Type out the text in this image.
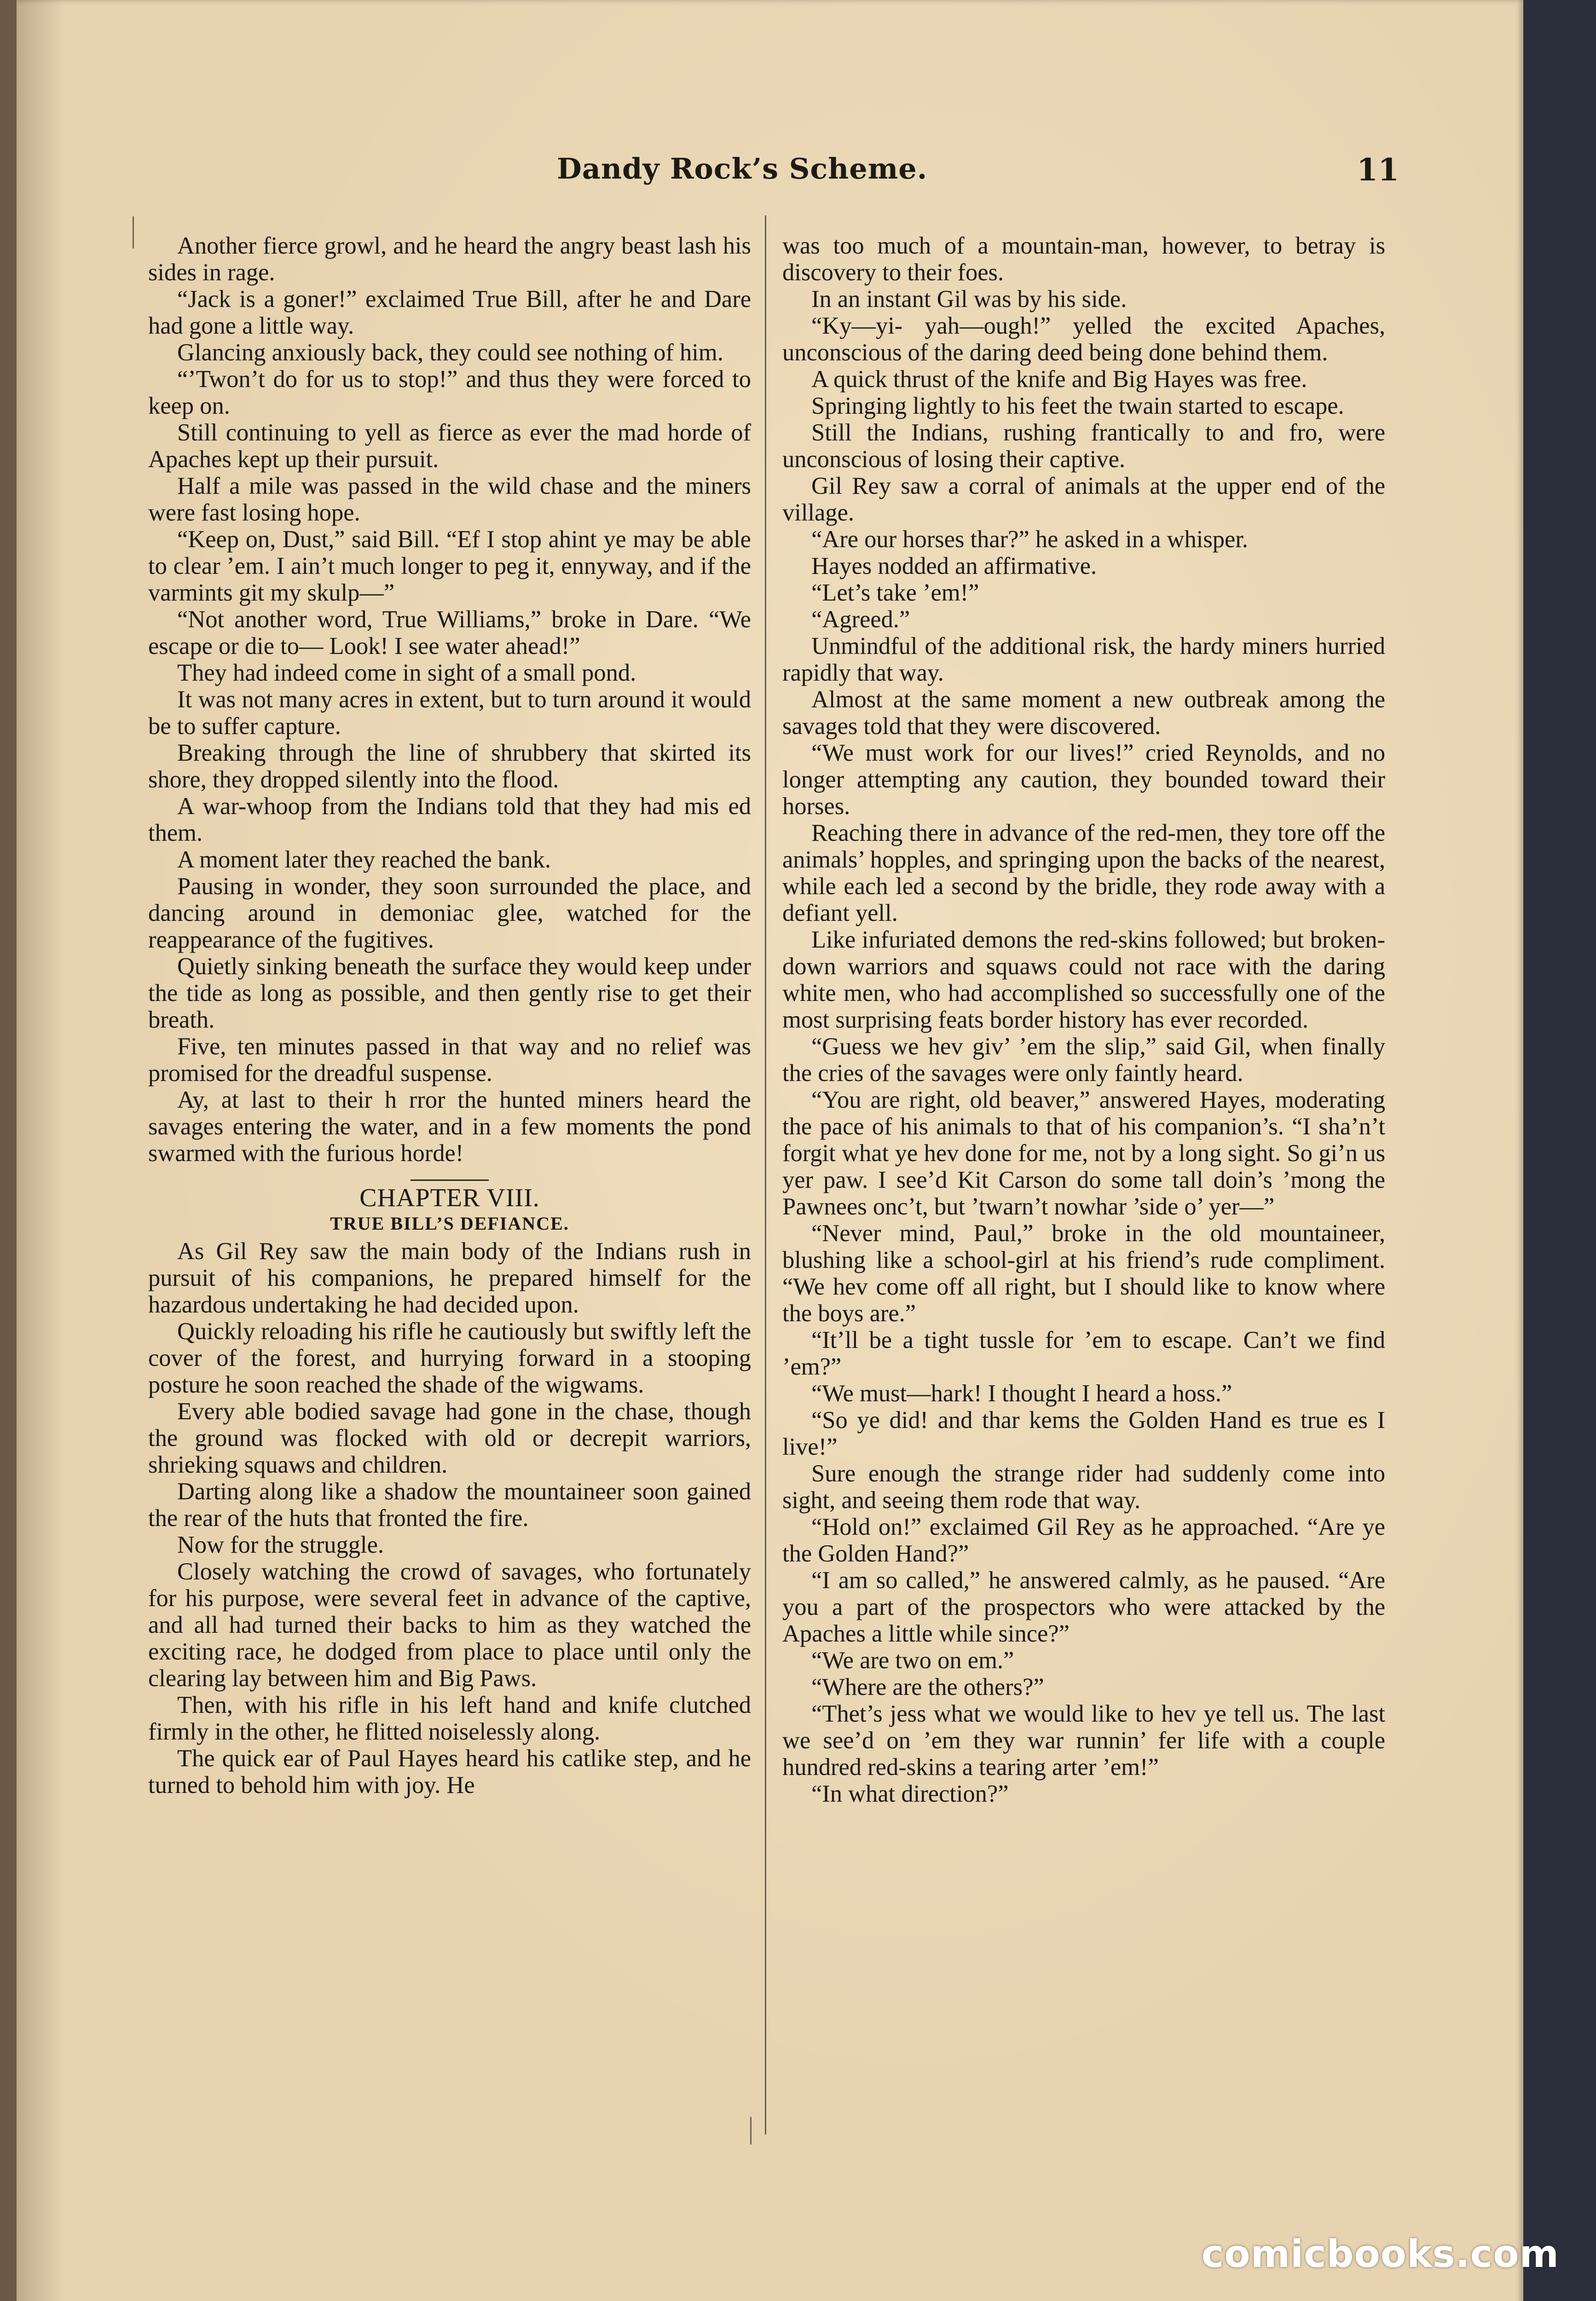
Dandy Rock’s Scheme.	11

Another fierce growl, and he heard the angry beast lash his sides in rage.

“Jack is a goner!” exclaimed True Bill, after he and Dare had gone a little way.

Glancing anxiously back, they could see nothing of him.

“’Twon’t do for us to stop!” and thus they were forced to keep on.

Still continuing to yell as fierce as ever the mad horde of Apaches kept up their pursuit.

Half a mile was passed in the wild chase and the miners were fast losing hope.

“Keep on, Dust,” said Bill. “Ef I stop ahint ye may be able to clear ’em. I ain’t much longer to peg it, ennyway, and if the varmints git my skulp—”

“Not another word, True Williams,” broke in Dare. “We escape or die to— Look! I see water ahead!”

They had indeed come in sight of a small pond.

It was not many acres in extent, but to turn around it would be to suffer capture.

Breaking through the line of shrubbery that skirted its shore, they dropped silently into the flood.

A war-whoop from the Indians told that they had mis ed them.

A moment later they reached the bank.

Pausing in wonder, they soon surrounded the place, and dancing around in demoniac glee, watched for the reappearance of the fugitives.

Quietly sinking beneath the surface they would keep under the tide as long as possible, and then gently rise to get their breath.

Five, ten minutes passed in that way and no relief was promised for the dreadful suspense.

Ay, at last to their h rror the hunted miners heard the savages entering the water, and in a few moments the pond swarmed with the furious horde!

CHAPTER VIII.
TRUE BILL’S DEFIANCE.

As Gil Rey saw the main body of the Indians rush in pursuit of his companions, he prepared himself for the hazardous undertaking he had decided upon.

Quickly reloading his rifle he cautiously but swiftly left the cover of the forest, and hurrying forward in a stooping posture he soon reached the shade of the wigwams.

Every able bodied savage had gone in the chase, though the ground was flocked with old or decrepit warriors, shrieking squaws and children.

Darting along like a shadow the mountaineer soon gained the rear of the huts that fronted the fire.

Now for the struggle.

Closely watching the crowd of savages, who fortunately for his purpose, were several feet in advance of the captive, and all had turned their backs to him as they watched the exciting race, he dodged from place to place until only the clearing lay between him and Big Paws.

Then, with his rifle in his left hand and knife clutched firmly in the other, he flitted noiselessly along.

The quick ear of Paul Hayes heard his catlike step, and he turned to behold him with joy. He

was too much of a mountain-man, however, to betray is discovery to their foes.

In an instant Gil was by his side.

“Ky—yi- yah—ough!” yelled the excited Apaches, unconscious of the daring deed being done behind them.

A quick thrust of the knife and Big Hayes was free.

Springing lightly to his feet the twain started to escape.

Still the Indians, rushing frantically to and fro, were unconscious of losing their captive.

Gil Rey saw a corral of animals at the upper end of the village.

“Are our horses thar?” he asked in a whisper.

Hayes nodded an affirmative.

“Let’s take ’em!”

“Agreed.”

Unmindful of the additional risk, the hardy miners hurried rapidly that way.

Almost at the same moment a new outbreak among the savages told that they were discovered.

“We must work for our lives!” cried Reynolds, and no longer attempting any caution, they bounded toward their horses.

Reaching there in advance of the red-men, they tore off the animals’ hopples, and springing upon the backs of the nearest, while each led a second by the bridle, they rode away with a defiant yell.

Like infuriated demons the red-skins followed; but broken-down warriors and squaws could not race with the daring white men, who had accomplished so successfully one of the most surprising feats border history has ever recorded.

“Guess we hev giv’ ’em the slip,” said Gil, when finally the cries of the savages were only faintly heard.

“You are right, old beaver,” answered Hayes, moderating the pace of his animals to that of his companion’s. “I sha’n’t forgit what ye hev done for me, not by a long sight. So gi’n us yer paw. I see’d Kit Carson do some tall doin’s ’mong the Pawnees onc’t, but ’twarn’t nowhar ’side o’ yer—”

“Never mind, Paul,” broke in the old mountaineer, blushing like a school-girl at his friend’s rude compliment. “We hev come off all right, but I should like to know where the boys are.”

“It’ll be a tight tussle for ’em to escape. Can’t we find ’em?”

“We must—hark! I thought I heard a hoss.”

“So ye did! and thar kems the Golden Hand es true es I live!”

Sure enough the strange rider had suddenly come into sight, and seeing them rode that way.

“Hold on!” exclaimed Gil Rey as he approached. “Are ye the Golden Hand?”

“I am so called,” he answered calmly, as he paused. “Are you a part of the prospectors who were attacked by the Apaches a little while since?”

“We are two on em.”

“Where are the others?”

“Thet’s jess what we would like to hev ye tell us. The last we see’d on ’em they war runnin’ fer life with a couple hundred red-skins a tearing arter ’em!”

“In what direction?”

comicbooks.com
